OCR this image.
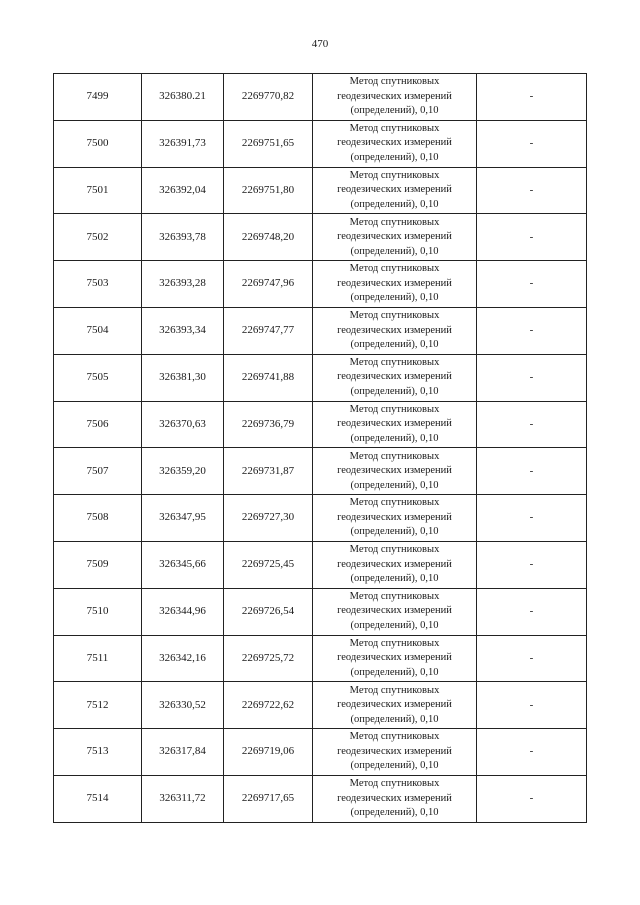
470
7499	326380.21	2269770,82	Метод спутниковых
геодезических измерений
(определений), 0,10	-
7500	326391,73	2269751,65	Метод спутниковых
геодезических измерений
(определений), 0,10	-
7501	326392,04	2269751,80	Метод спутниковых
геодезических измерений
(определений), 0,10	-
7502	326393,78	2269748,20	Метод спутниковых
геодезических измерений
(определений), 0,10	-
7503	326393,28	2269747,96	Метод спутниковых
геодезических измерений
(определений), 0,10	-
7504	326393,34	2269747,77	Метод спутниковых
геодезических измерений
(определений), 0,10	-
7505	326381,30	2269741,88	Метод спутниковых
геодезических измерений
(определений), 0,10	-
7506	326370,63	2269736,79	Метод спутниковых
геодезических измерений
(определений), 0,10	-
7507	326359,20	2269731,87	Метод спутниковых
геодезических измерений
(определений), 0,10	-
7508	326347,95	2269727,30	Метод спутниковых
геодезических измерений
(определений), 0,10	-
7509	326345,66	2269725,45	Метод спутниковых
геодезических измерений
(определений), 0,10	-
7510	326344,96	2269726,54	Метод спутниковых
геодезических измерений
(определений), 0,10	-
7511	326342,16	2269725,72	Метод спутниковых
геодезических измерений
(определений), 0,10	-
7512	326330,52	2269722,62	Метод спутниковых
геодезических измерений
(определений), 0,10	-
7513	326317,84	2269719,06	Метод спутниковых
геодезических измерений
(определений), 0,10	-
7514	326311,72	2269717,65	Метод спутниковых
геодезических измерений
(определений), 0,10	-
